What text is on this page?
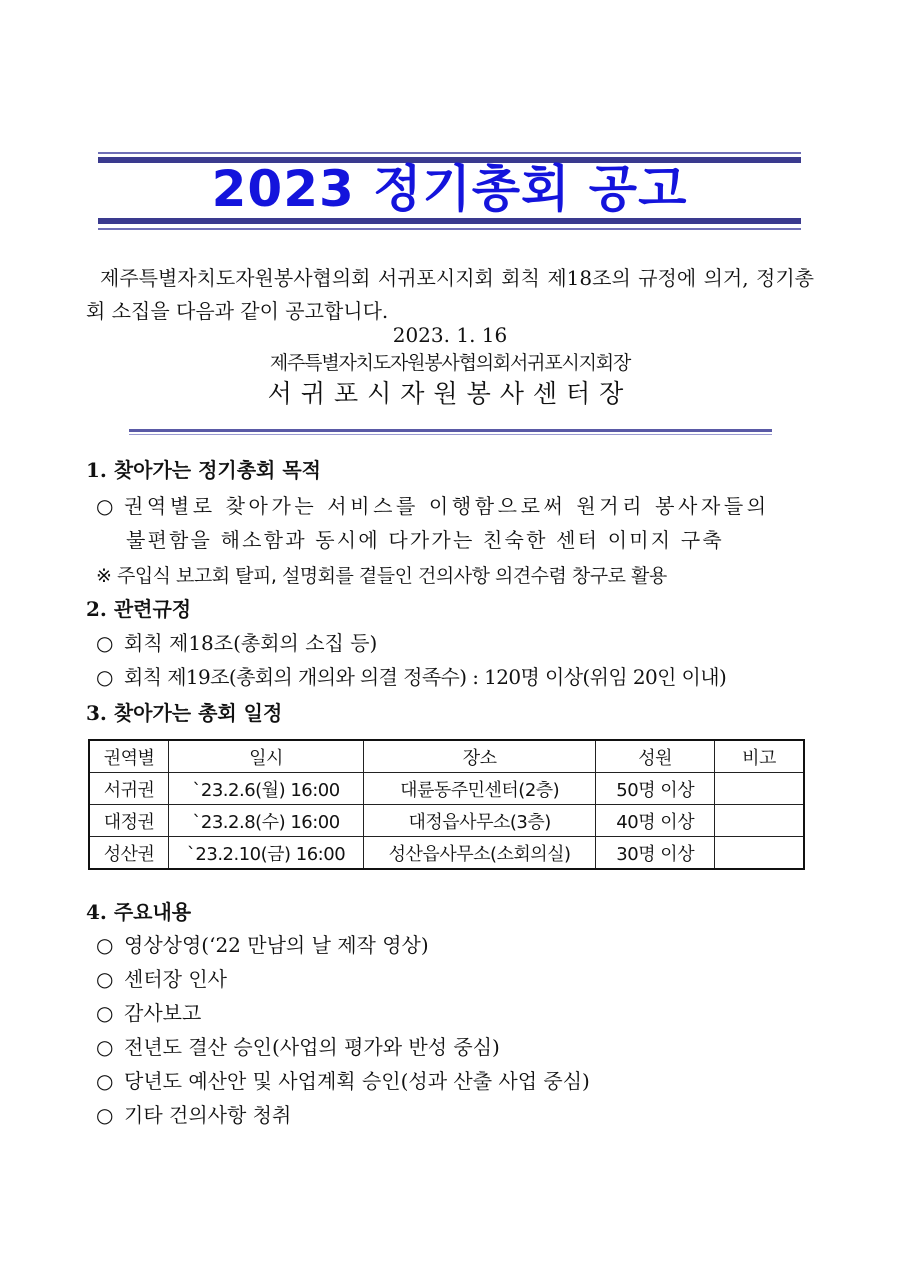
2023 정기총회 공고
제주특별자치도자원봉사협의회 서귀포시지회 회칙 제18조의 규정에 의거, 정기총회 소집을 다음과 같이 공고합니다.
2023. 1. 16
제주특별자치도자원봉사협의회서귀포시지회장
서귀포시자원봉사센터장
1. 찾아가는 정기총회 목적
○ 권역별로 찾아가는 서비스를 이행함으로써 원거리 봉사자들의
불편함을 해소함과 동시에 다가가는 친숙한 센터 이미지 구축
※ 주입식 보고회 탈피, 설명회를 곁들인 건의사항 의견수렴 창구로 활용
2. 관련규정
○ 회칙 제18조(총회의 소집 등)
○ 회칙 제19조(총회의 개의와 의결 정족수) : 120명 이상(위임 20인 이내)
3. 찾아가는 총회 일정
권역별	일시	장소	성원	비고
서귀권	`23.2.6(월) 16:00	대륜동주민센터(2층)	50명 이상	
대정권	`23.2.8(수) 16:00	대정읍사무소(3층)	40명 이상	
성산권	`23.2.10(금) 16:00	성산읍사무소(소회의실)	30명 이상	
4. 주요내용
○ 영상상영(‘22 만남의 날 제작 영상)
○ 센터장 인사
○ 감사보고
○ 전년도 결산 승인(사업의 평가와 반성 중심)
○ 당년도 예산안 및 사업계획 승인(성과 산출 사업 중심)
○ 기타 건의사항 청취
